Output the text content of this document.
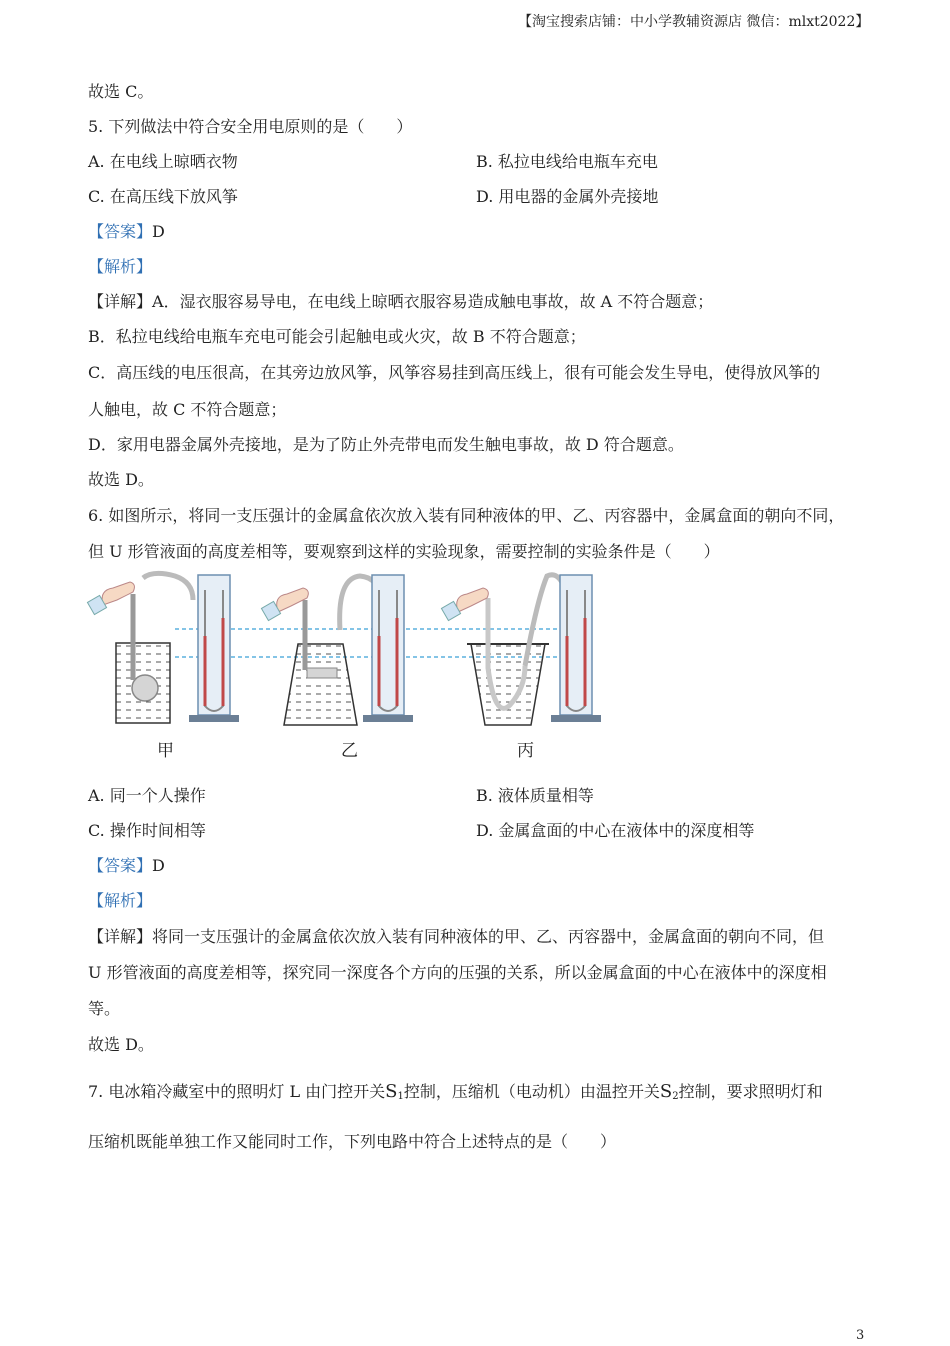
【淘宝搜索店铺：中小学教辅资源店 微信：mlxt2022】
故选 C。
5. 下列做法中符合安全用电原则的是（　　）
A. 在电线上晾晒衣物	B. 私拉电线给电瓶车充电
C. 在高压线下放风筝	D. 用电器的金属外壳接地
【答案】D
【解析】
【详解】A．湿衣服容易导电，在电线上晾晒衣服容易造成触电事故，故 A 不符合题意；
B．私拉电线给电瓶车充电可能会引起触电或火灾，故 B 不符合题意；
C．高压线的电压很高，在其旁边放风筝，风筝容易挂到高压线上，很有可能会发生导电，使得放风筝的
人触电，故 C 不符合题意；
D．家用电器金属外壳接地，是为了防止外壳带电而发生触电事故，故 D 符合题意。
故选 D。
6. 如图所示，将同一支压强计的金属盒依次放入装有同种液体的甲、乙、丙容器中，金属盒面的朝向不同，
但 U 形管液面的高度差相等，要观察到这样的实验现象，需要控制的实验条件是（　　）
甲	乙	丙
A. 同一个人操作	B. 液体质量相等
C. 操作时间相等	D. 金属盒面的中心在液体中的深度相等
【答案】D
【解析】
【详解】将同一支压强计的金属盒依次放入装有同种液体的甲、乙、丙容器中，金属盒面的朝向不同，但
U 形管液面的高度差相等，探究同一深度各个方向的压强的关系，所以金属盒面的中心在液体中的深度相
等。
故选 D。
7. 电冰箱冷藏室中的照明灯 L 由门控开关$S_1$控制，压缩机（电动机）由温控开关$S_2$控制，要求照明灯和
压缩机既能单独工作又能同时工作，下列电路中符合上述特点的是（　　）
3
